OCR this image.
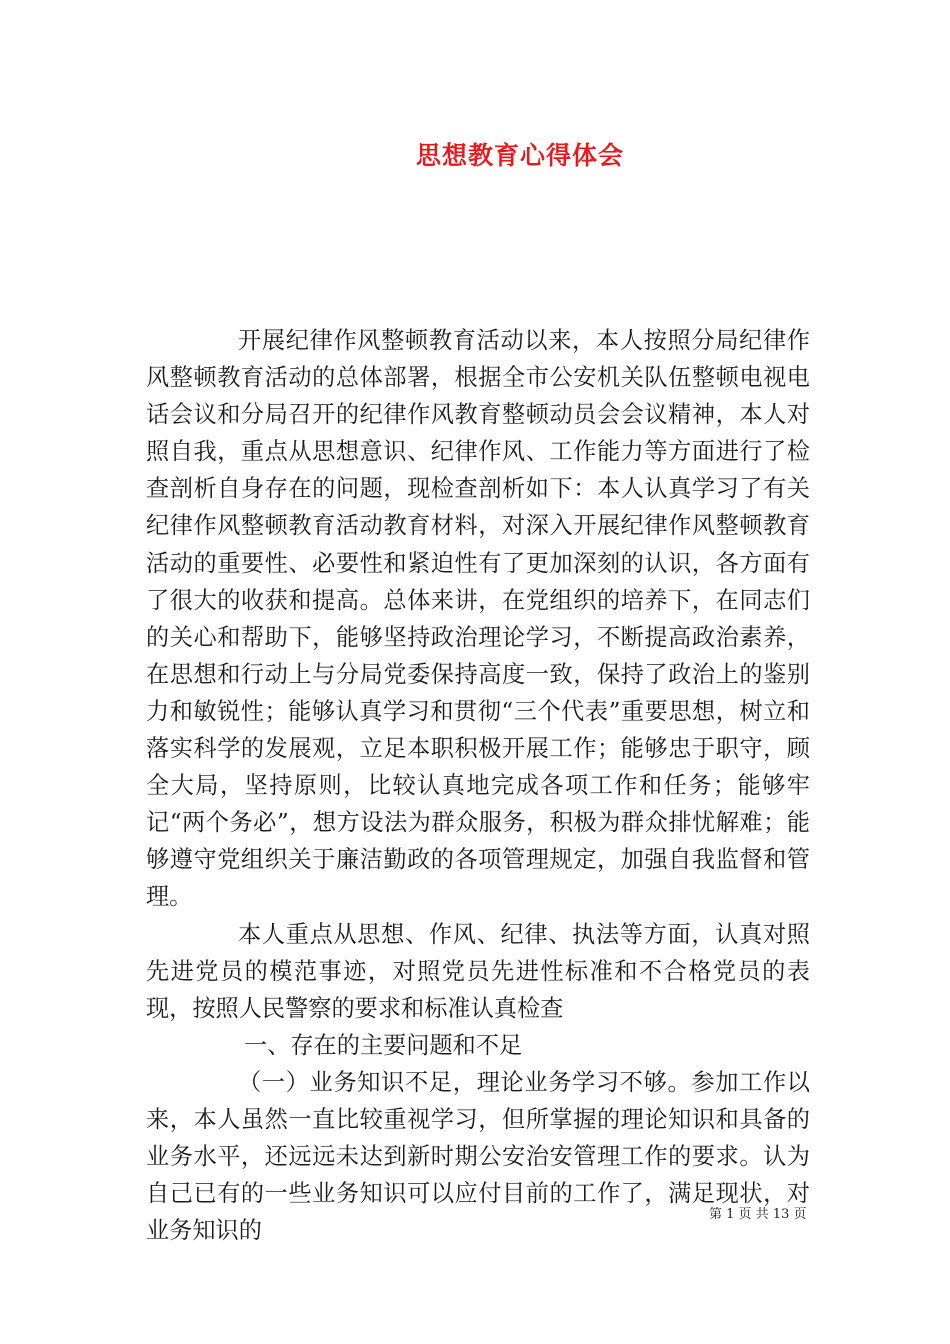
思想教育心得体会

开展纪律作风整顿教育活动以来，本人按照分局纪律作风整顿教育活动的总体部署，根据全市公安机关队伍整顿电视电话会议和分局召开的纪律作风教育整顿动员会会议精神，本人对照自我，重点从思想意识、纪律作风、工作能力等方面进行了检查剖析自身存在的问题，现检查剖析如下：本人认真学习了有关纪律作风整顿教育活动教育材料，对深入开展纪律作风整顿教育活动的重要性、必要性和紧迫性有了更加深刻的认识，各方面有了很大的收获和提高。总体来讲，在党组织的培养下，在同志们的关心和帮助下，能够坚持政治理论学习，不断提高政治素养，在思想和行动上与分局党委保持高度一致，保持了政治上的鉴别力和敏锐性；能够认真学习和贯彻“三个代表”重要思想，树立和落实科学的发展观，立足本职积极开展工作；能够忠于职守，顾全大局，坚持原则，比较认真地完成各项工作和任务；能够牢记“两个务必”，想方设法为群众服务，积极为群众排忧解难；能够遵守党组织关于廉洁勤政的各项管理规定，加强自我监督和管理。

本人重点从思想、作风、纪律、执法等方面，认真对照先进党员的模范事迹，对照党员先进性标准和不合格党员的表现，按照人民警察的要求和标准认真检查

一、存在的主要问题和不足

（一）业务知识不足，理论业务学习不够。参加工作以来，本人虽然一直比较重视学习，但所掌握的理论知识和具备的业务水平，还远远未达到新时期公安治安管理工作的要求。认为自己已有的一些业务知识可以应付目前的工作了，满足现状，对业务知识的

第 1 页 共 13 页
